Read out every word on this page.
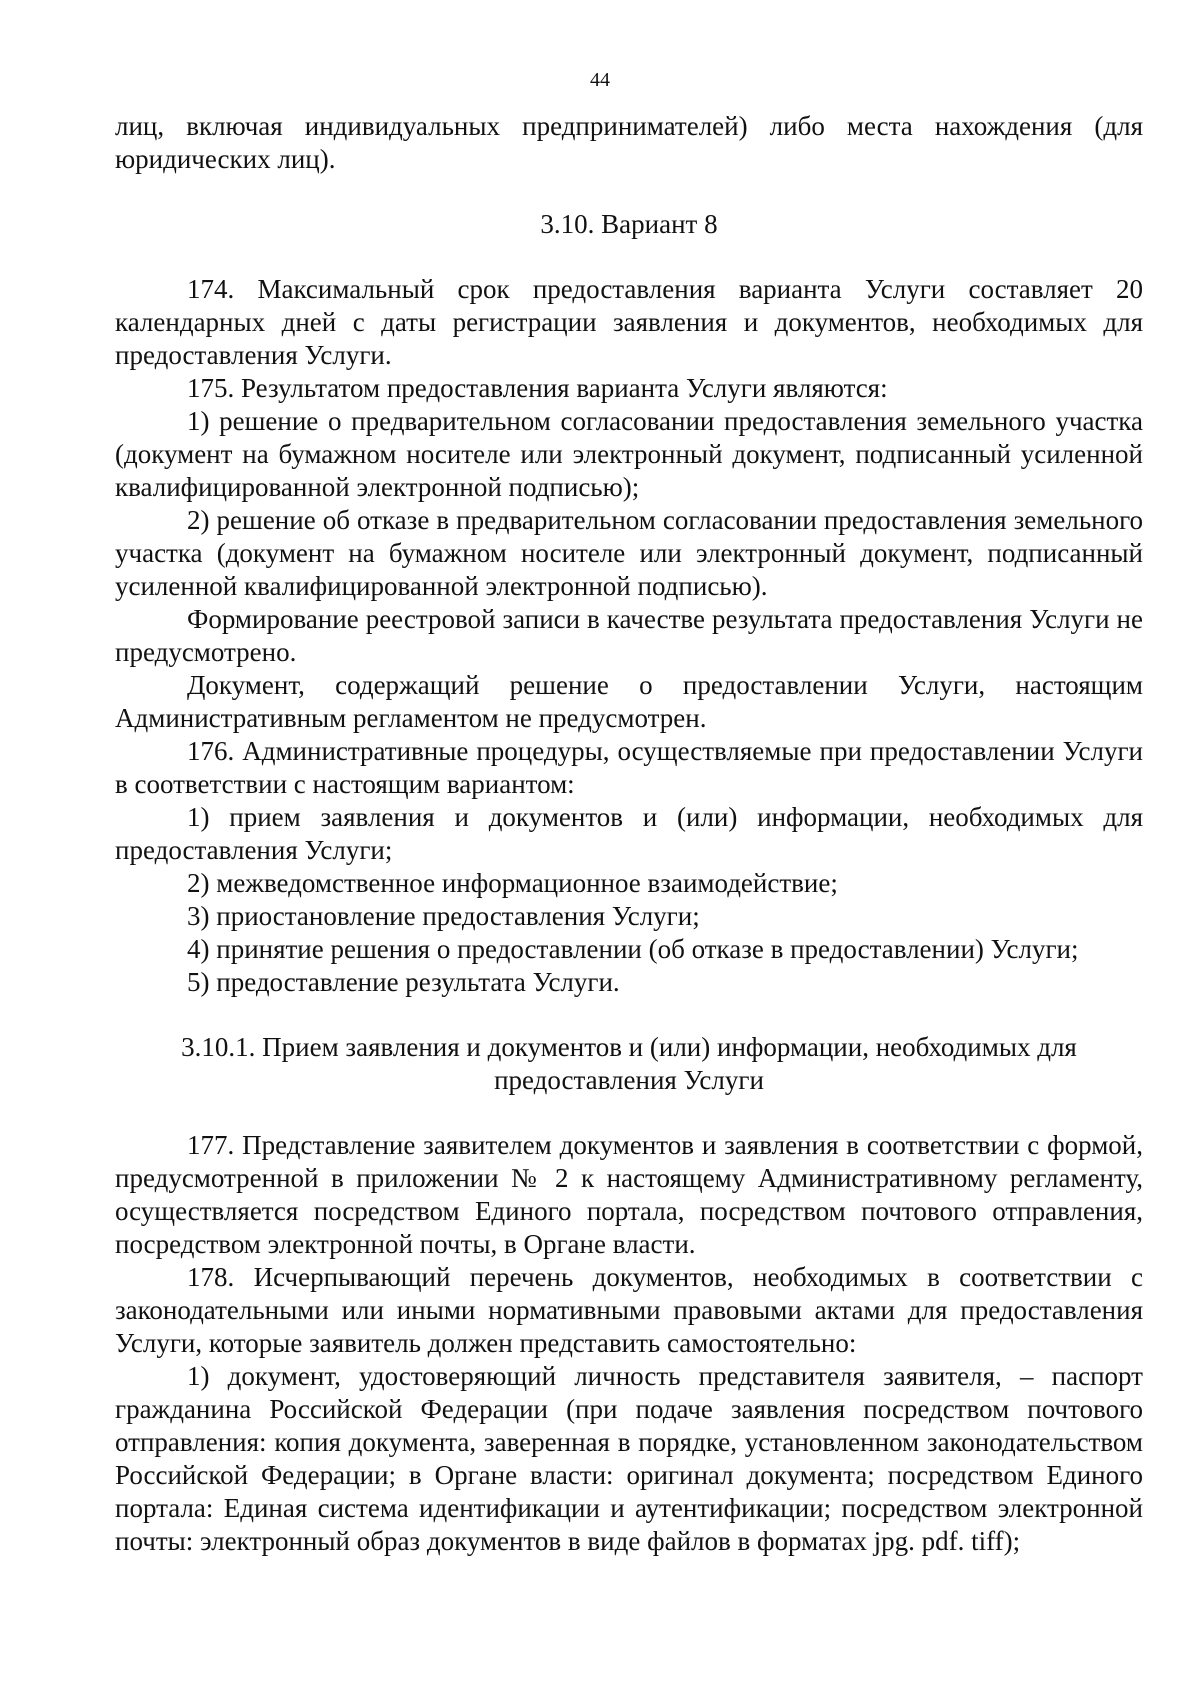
44

лиц, включая индивидуальных предпринимателей) либо места нахождения (для юридических лиц).

3.10. Вариант 8

174. Максимальный срок предоставления варианта Услуги составляет 20 календарных дней с даты регистрации заявления и документов, необходимых для предоставления Услуги.

175. Результатом предоставления варианта Услуги являются:

1) решение о предварительном согласовании предоставления земельного участка (документ на бумажном носителе или электронный документ, подписанный усиленной квалифицированной электронной подписью);

2) решение об отказе в предварительном согласовании предоставления земельного участка (документ на бумажном носителе или электронный документ, подписанный усиленной квалифицированной электронной подписью).

Формирование реестровой записи в качестве результата предоставления Услуги не предусмотрено.

Документ, содержащий решение о предоставлении Услуги, настоящим Административным регламентом не предусмотрен.

176. Административные процедуры, осуществляемые при предоставлении Услуги в соответствии с настоящим вариантом:

1) прием заявления и документов и (или) информации, необходимых для предоставления Услуги;

2) межведомственное информационное взаимодействие;

3) приостановление предоставления Услуги;

4) принятие решения о предоставлении (об отказе в предоставлении) Услуги;

5) предоставление результата Услуги.

3.10.1. Прием заявления и документов и (или) информации, необходимых для
предоставления Услуги

177. Представление заявителем документов и заявления в соответствии с формой, предусмотренной в приложении № 2 к настоящему Административному регламенту, осуществляется посредством Единого портала, посредством почтового отправления, посредством электронной почты, в Органе власти.

178. Исчерпывающий перечень документов, необходимых в соответствии с законодательными или иными нормативными правовыми актами для предоставления Услуги, которые заявитель должен представить самостоятельно:

1) документ, удостоверяющий личность представителя заявителя, – паспорт гражданина Российской Федерации (при подаче заявления посредством почтового отправления: копия документа, заверенная в порядке, установленном законодательством Российской Федерации; в Органе власти: оригинал документа; посредством Единого портала: Единая система идентификации и аутентификации; посредством электронной почты: электронный образ документов в виде файлов в форматах jpg. pdf. tiff);
